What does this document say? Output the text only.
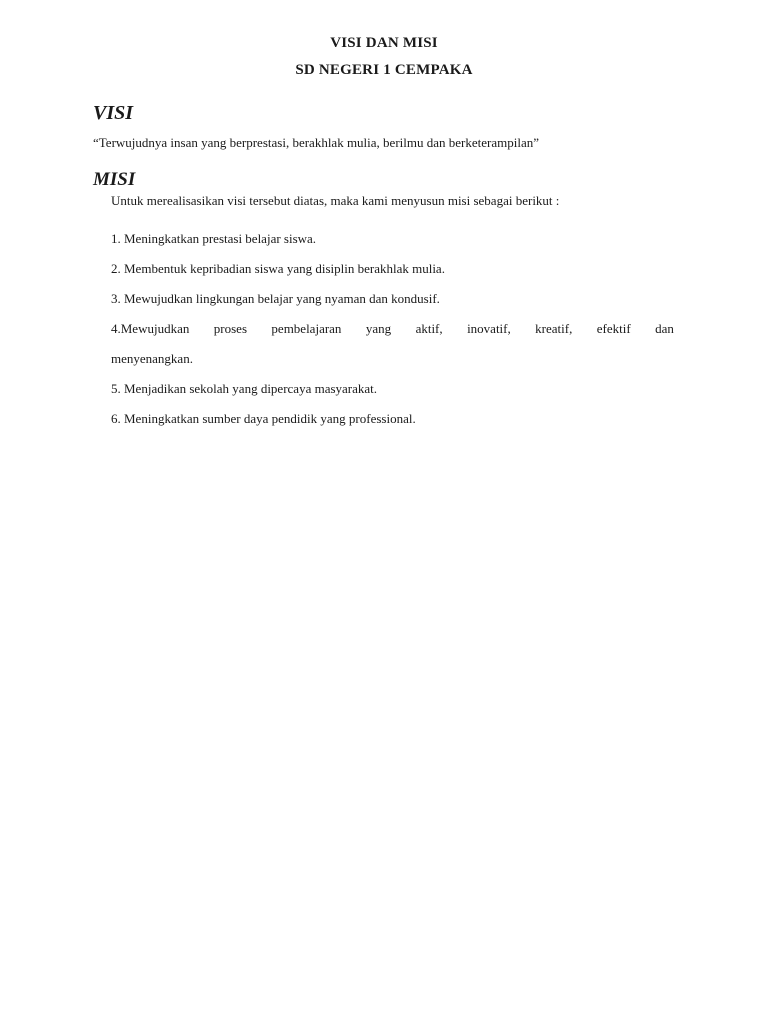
VISI DAN MISI
SD NEGERI 1 CEMPAKA
VISI
“Terwujudnya insan yang berprestasi, berakhlak mulia, berilmu dan berketerampilan”
MISI
Untuk merealisasikan visi tersebut diatas, maka kami menyusun misi sebagai berikut :
1. Meningkatkan prestasi belajar siswa.
2. Membentuk kepribadian siswa yang disiplin berakhlak mulia.
3. Mewujudkan lingkungan belajar yang nyaman dan kondusif.
4.Mewujudkan proses pembelajaran yang aktif, inovatif, kreatif, efektif dan
menyenangkan.
5. Menjadikan sekolah yang dipercaya masyarakat.
6. Meningkatkan sumber daya pendidik yang professional.
